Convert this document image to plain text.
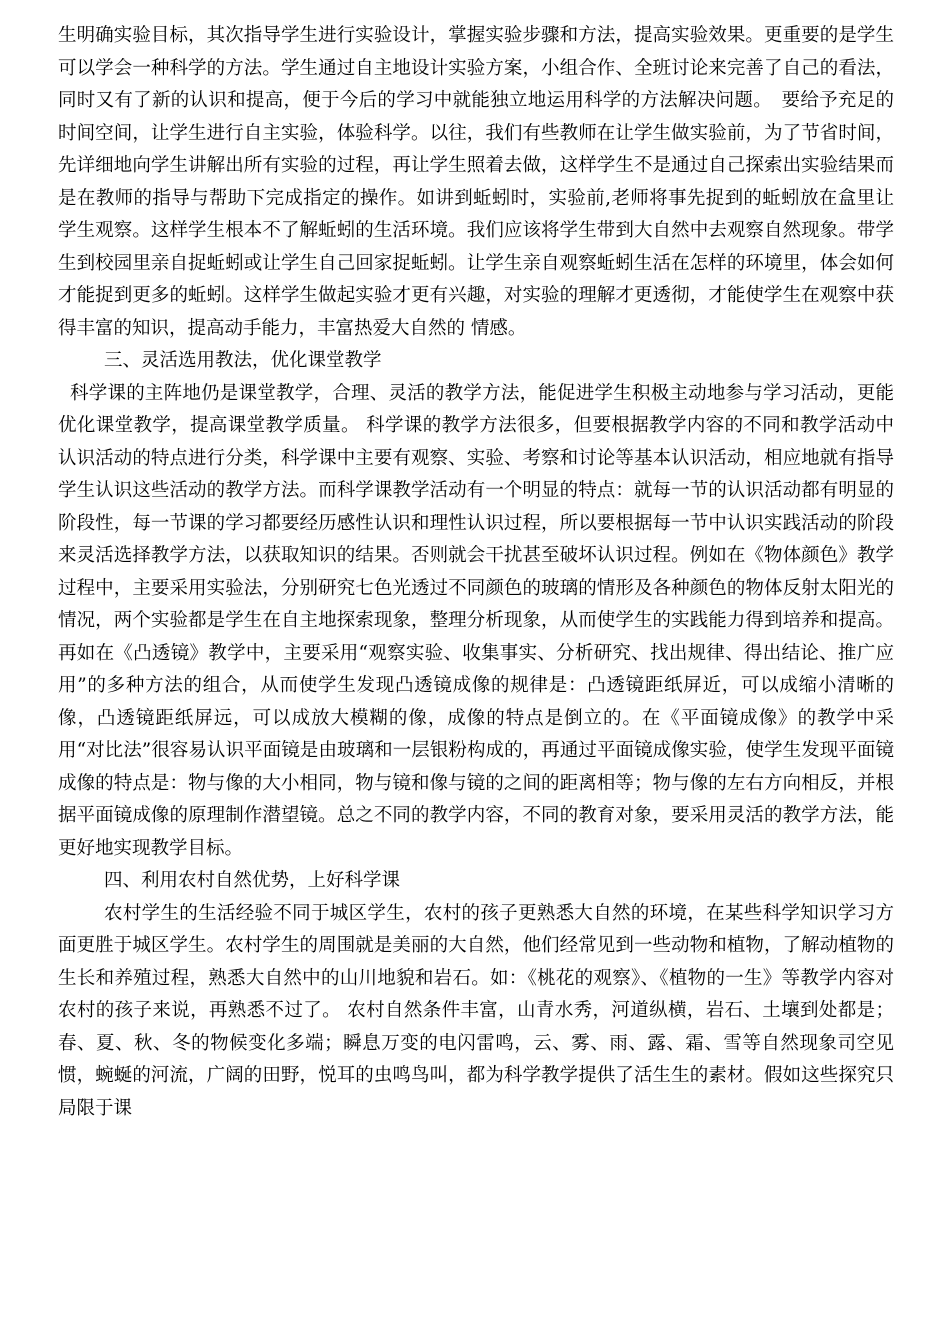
生明确实验目标，其次指导学生进行实验设计，掌握实验步骤和方法，提高实验效果。更重要的是学生可以学会一种科学的方法。学生通过自主地设计实验方案，小组合作、全班讨论来完善了自己的看法，同时又有了新的认识和提高，便于今后的学习中就能独立地运用科学的方法解决问题。　要给予充足的时间空间，让学生进行自主实验，体验科学。以往，我们有些教师在让学生做实验前，为了节省时间，先详细地向学生讲解出所有实验的过程，再让学生照着去做，这样学生不是通过自己探索出实验结果而是在教师的指导与帮助下完成指定的操作。如讲到蚯蚓时，实验前,老师将事先捉到的蚯蚓放在盒里让学生观察。这样学生根本不了解蚯蚓的生活环境。我们应该将学生带到大自然中去观察自然现象。带学生到校园里亲自捉蚯蚓或让学生自己回家捉蚯蚓。让学生亲自观察蚯蚓生活在怎样的环境里，体会如何才能捉到更多的蚯蚓。这样学生做起实验才更有兴趣，对实验的理解才更透彻，才能使学生在观察中获得丰富的知识，提高动手能力，丰富热爱大自然的 情感。

三、灵活选用教法，优化课堂教学

科学课的主阵地仍是课堂教学，合理、灵活的教学方法，能促进学生积极主动地参与学习活动，更能优化课堂教学，提高课堂教学质量。 科学课的教学方法很多，但要根据教学内容的不同和教学活动中认识活动的特点进行分类，科学课中主要有观察、实验、考察和讨论等基本认识活动，相应地就有指导学生认识这些活动的教学方法。而科学课教学活动有一个明显的特点：就每一节的认识活动都有明显的阶段性，每一节课的学习都要经历感性认识和理性认识过程，所以要根据每一节中认识实践活动的阶段来灵活选择教学方法，以获取知识的结果。否则就会干扰甚至破坏认识过程。例如在《物体颜色》教学过程中，主要采用实验法，分别研究七色光透过不同颜色的玻璃的情形及各种颜色的物体反射太阳光的情况，两个实验都是学生在自主地探索现象，整理分析现象，从而使学生的实践能力得到培养和提高。再如在《凸透镜》教学中，主要采用“观察实验、收集事实、分析研究、找出规律、得出结论、推广应用”的多种方法的组合，从而使学生发现凸透镜成像的规律是：凸透镜距纸屏近，可以成缩小清晰的像，凸透镜距纸屏远，可以成放大模糊的像，成像的特点是倒立的。在《平面镜成像》的教学中采用“对比法”很容易认识平面镜是由玻璃和一层银粉构成的，再通过平面镜成像实验，使学生发现平面镜成像的特点是：物与像的大小相同，物与镜和像与镜的之间的距离相等；物与像的左右方向相反，并根据平面镜成像的原理制作潜望镜。总之不同的教学内容，不同的教育对象，要采用灵活的教学方法，能更好地实现教学目标。

四、利用农村自然优势，上好科学课

农村学生的生活经验不同于城区学生，农村的孩子更熟悉大自然的环境，在某些科学知识学习方面更胜于城区学生。农村学生的周围就是美丽的大自然，他们经常见到一些动物和植物，了解动植物的生长和养殖过程，熟悉大自然中的山川地貌和岩石。如：《桃花的观察》、《植物的一生》等教学内容对农村的孩子来说，再熟悉不过了。 农村自然条件丰富，山青水秀，河道纵横，岩石、土壤到处都是；春、夏、秋、冬的物候变化多端；瞬息万变的电闪雷鸣，云、雾、雨、露、霜、雪等自然现象司空见惯，蜿蜒的河流，广阔的田野，悦耳的虫鸣鸟叫，都为科学教学提供了活生生的素材。假如这些探究只局限于课
